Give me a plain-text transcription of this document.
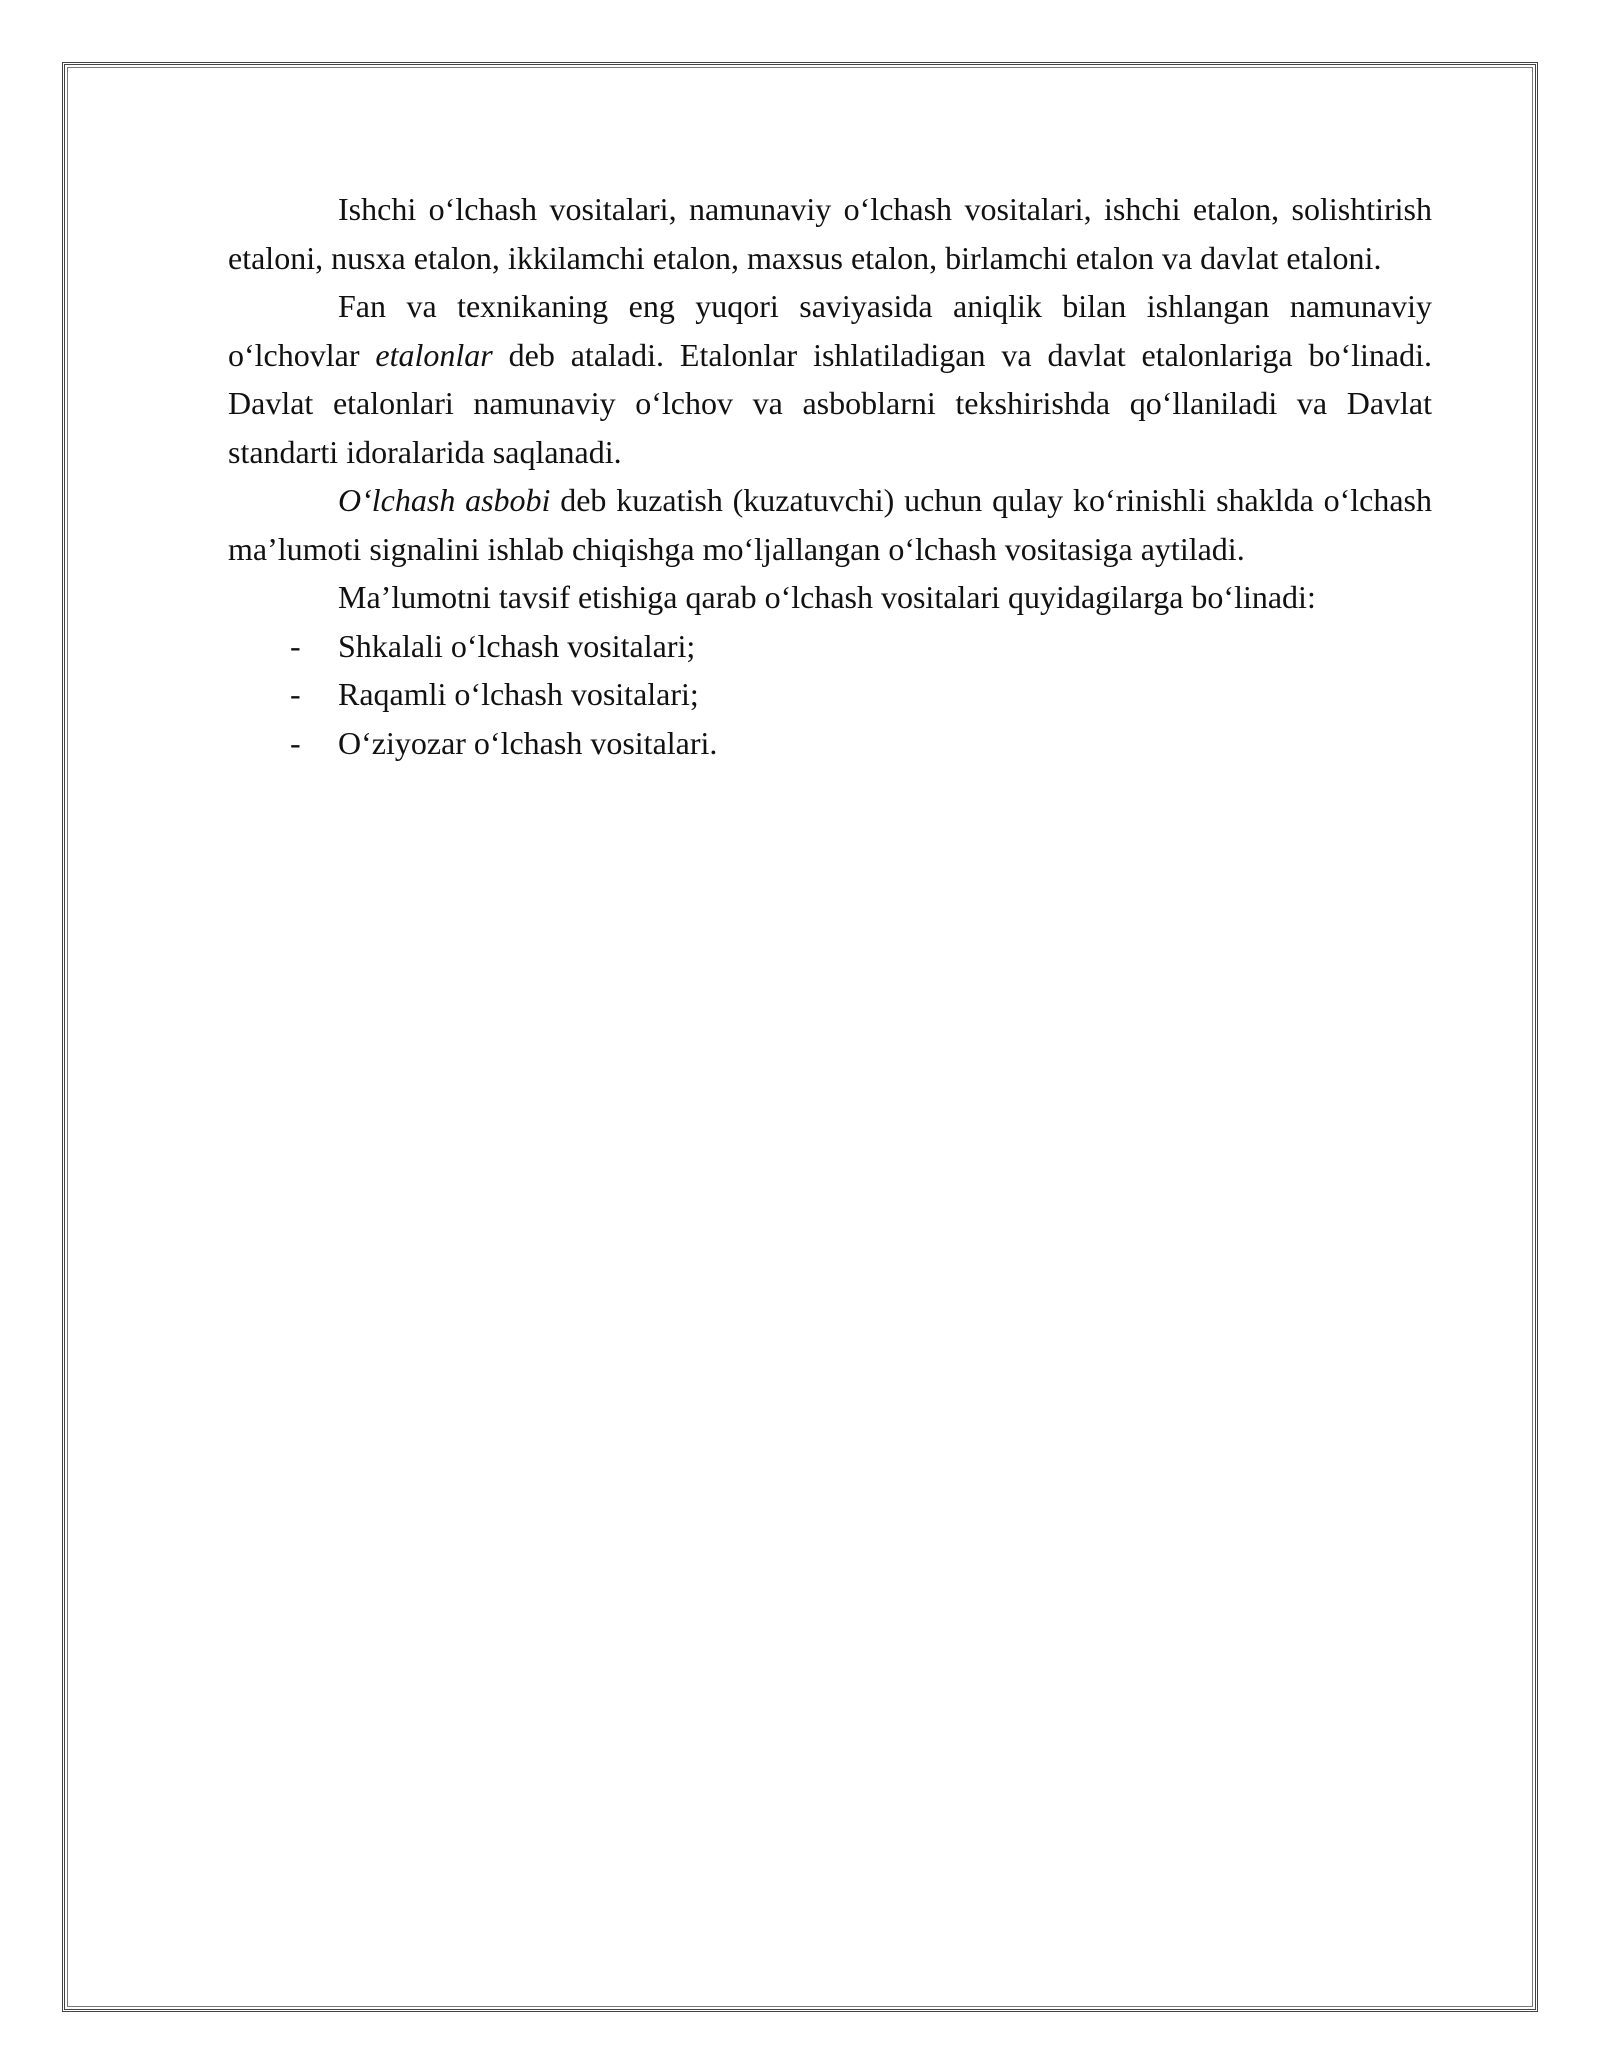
Ishchi o‘lchash vositalari, namunaviy o‘lchash vositalari, ishchi etalon, solishtirish etaloni, nusxa etalon, ikkilamchi etalon, maxsus etalon, birlamchi etalon va davlat etaloni.

Fan va texnikaning eng yuqori saviyasida aniqlik bilan ishlangan namunaviy o‘lchovlar etalonlar deb ataladi. Etalonlar ishlatiladigan va davlat etalonlariga bo‘linadi. Davlat etalonlari namunaviy o‘lchov va asboblarni tekshirishda qo‘llaniladi va Davlat standarti idoralarida saqlanadi.

O‘lchash asbobi deb kuzatish (kuzatuvchi) uchun qulay ko‘rinishli shaklda o‘lchash ma’lumoti signalini ishlab chiqishga mo‘ljallangan o‘lchash vositasiga aytiladi.

Ma’lumotni tavsif etishiga qarab o‘lchash vositalari quyidagilarga bo‘linadi:

- Shkalali o‘lchash vositalari;
- Raqamli o‘lchash vositalari;
- O‘ziyozar o‘lchash vositalari.
